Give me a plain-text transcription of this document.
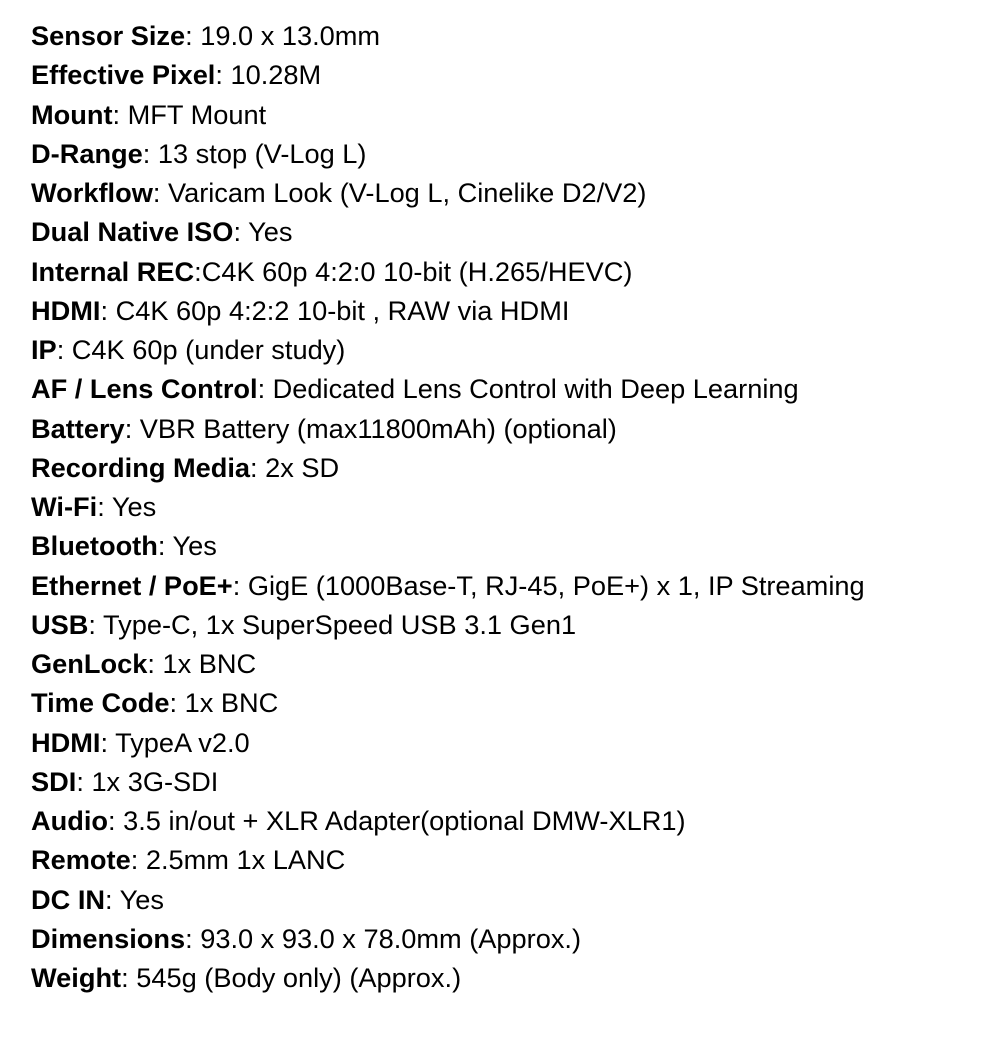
Sensor Size: 19.0 x 13.0mm
Effective Pixel: 10.28M
Mount: MFT Mount
D-Range: 13 stop (V-Log L)
Workflow: Varicam Look (V-Log L, Cinelike D2/V2)
Dual Native ISO: Yes
Internal REC:C4K 60p 4:2:0 10-bit (H.265/HEVC)
HDMI: C4K 60p 4:2:2 10-bit , RAW via HDMI
IP: C4K 60p (under study)
AF / Lens Control: Dedicated Lens Control with Deep Learning
Battery: VBR Battery (max11800mAh) (optional)
Recording Media: 2x SD
Wi-Fi: Yes
Bluetooth: Yes
Ethernet / PoE+: GigE (1000Base-T, RJ-45, PoE+) x 1, IP Streaming
USB: Type-C, 1x SuperSpeed USB 3.1 Gen1
GenLock: 1x BNC
Time Code: 1x BNC
HDMI: TypeA v2.0
SDI: 1x 3G-SDI
Audio: 3.5 in/out + XLR Adapter(optional DMW-XLR1)
Remote: 2.5mm 1x LANC
DC IN: Yes
Dimensions: 93.0 x 93.0 x 78.0mm (Approx.)
Weight: 545g (Body only) (Approx.)
